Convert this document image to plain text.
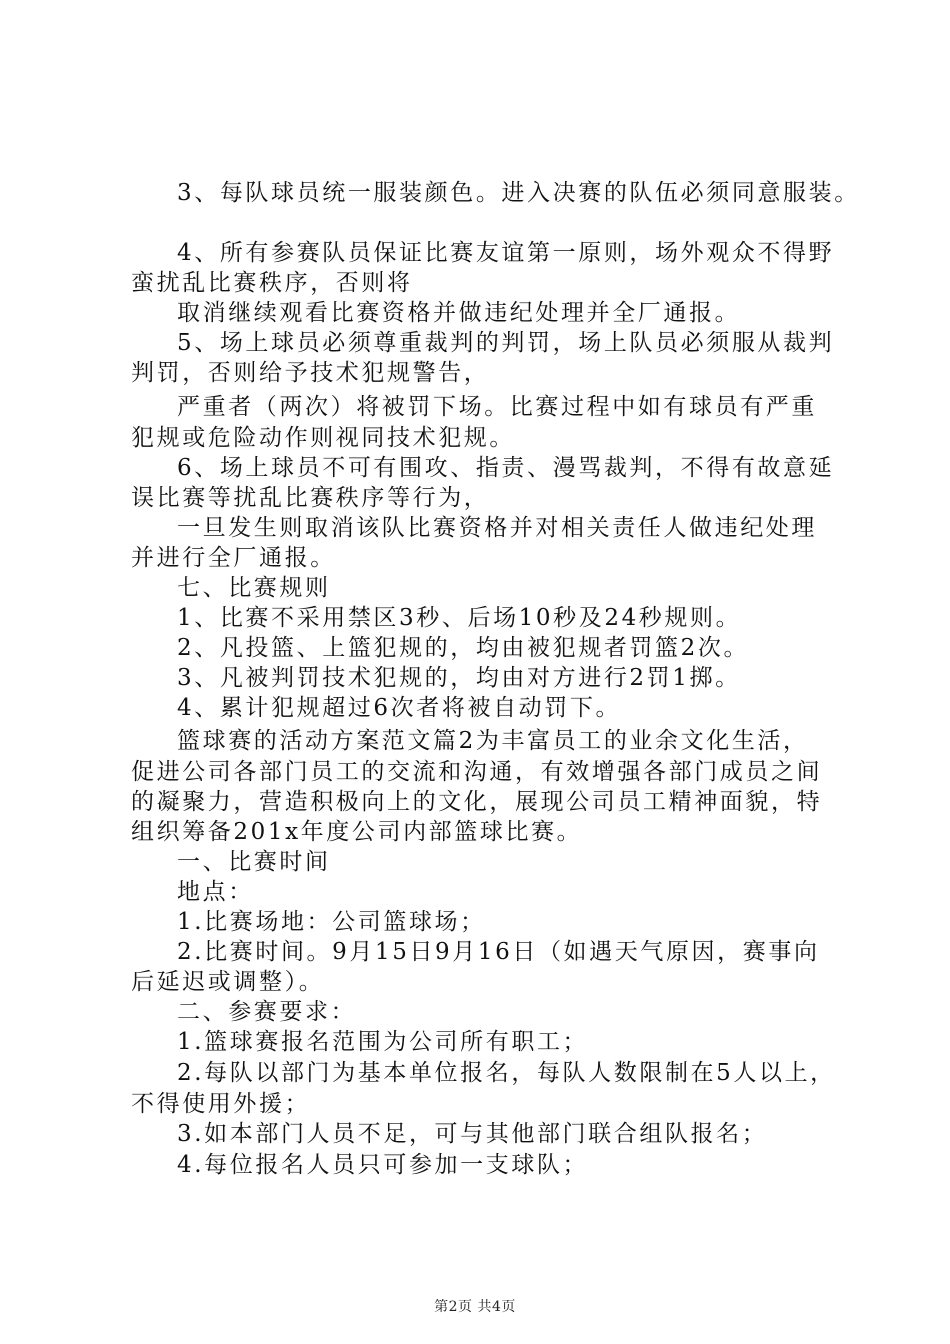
3、每队球员统一服装颜色。进入决赛的队伍必须同意服装。
4、所有参赛队员保证比赛友谊第一原则，场外观众不得野
蛮扰乱比赛秩序，否则将
取消继续观看比赛资格并做违纪处理并全厂通报。
5、场上球员必须尊重裁判的判罚，场上队员必须服从裁判
判罚，否则给予技术犯规警告，
严重者（两次）将被罚下场。比赛过程中如有球员有严重
犯规或危险动作则视同技术犯规。
6、场上球员不可有围攻、指责、漫骂裁判，不得有故意延
误比赛等扰乱比赛秩序等行为，
一旦发生则取消该队比赛资格并对相关责任人做违纪处理
并进行全厂通报。
七、比赛规则
1、比赛不采用禁区3秒、后场10秒及24秒规则。
2、凡投篮、上篮犯规的，均由被犯规者罚篮2次。
3、凡被判罚技术犯规的，均由对方进行2罚1掷。
4、累计犯规超过6次者将被自动罚下。
篮球赛的活动方案范文篇2为丰富员工的业余文化生活，
促进公司各部门员工的交流和沟通，有效增强各部门成员之间
的凝聚力，营造积极向上的文化，展现公司员工精神面貌，特
组织筹备201x年度公司内部篮球比赛。
一、比赛时间
地点：
1.比赛场地：公司篮球场；
2.比赛时间。9月15日9月16日（如遇天气原因，赛事向
后延迟或调整）。
二、参赛要求：
1.篮球赛报名范围为公司所有职工；
2.每队以部门为基本单位报名，每队人数限制在5人以上，
不得使用外援；
3.如本部门人员不足，可与其他部门联合组队报名；
4.每位报名人员只可参加一支球队；
第2页 共4页
